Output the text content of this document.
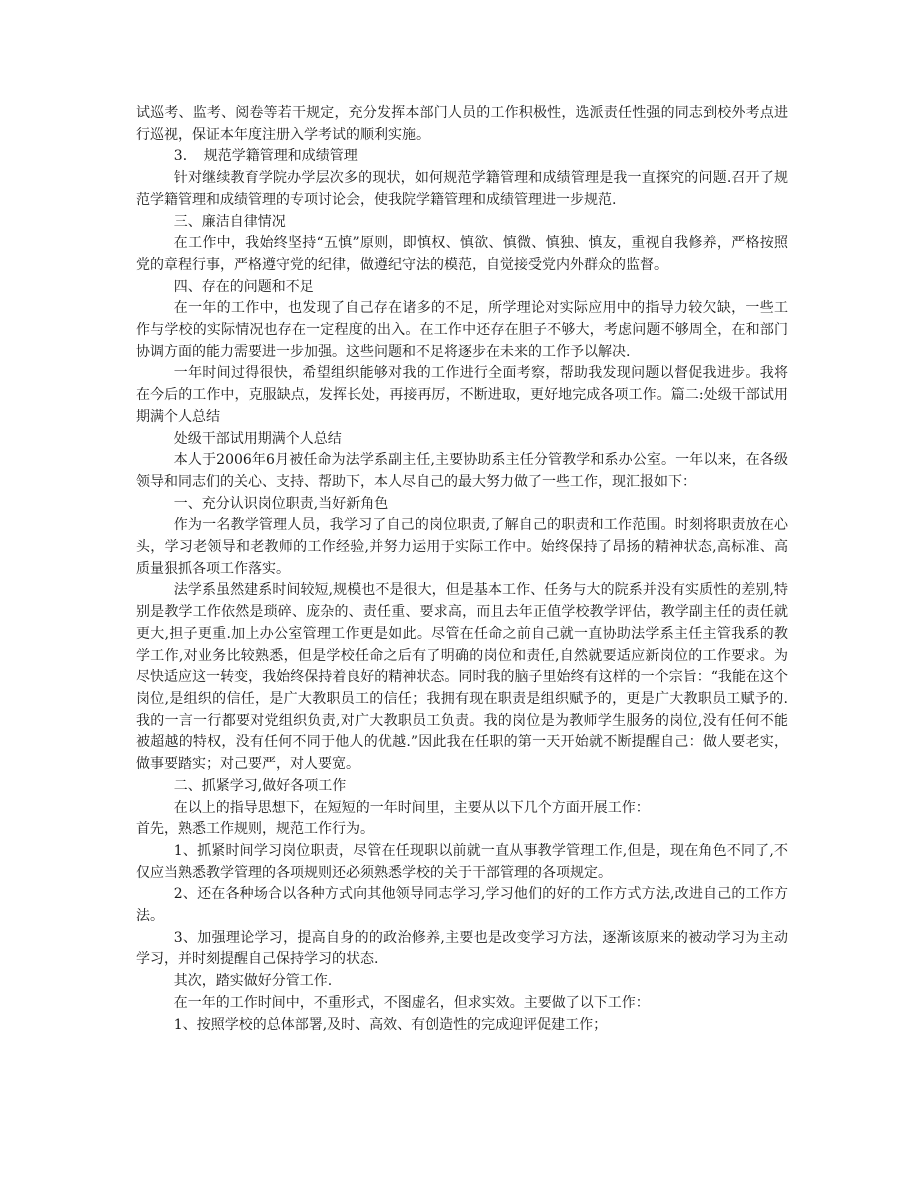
试巡考、监考、阅卷等若干规定，充分发挥本部门人员的工作积极性，选派责任性强的同志到校外考点进行巡视，保证本年度注册入学考试的顺利实施。

3．　规范学籍管理和成绩管理

针对继续教育学院办学层次多的现状，如何规范学籍管理和成绩管理是我一直探究的问题.召开了规范学籍管理和成绩管理的专项讨论会，使我院学籍管理和成绩管理进一步规范.

三、廉洁自律情况

在工作中，我始终坚持“五慎”原则，即慎权、慎欲、慎微、慎独、慎友，重视自我修养，严格按照党的章程行事，严格遵守党的纪律，做遵纪守法的模范，自觉接受党内外群众的监督。

四、存在的问题和不足

在一年的工作中，也发现了自己存在诸多的不足，所学理论对实际应用中的指导力较欠缺，一些工作与学校的实际情况也存在一定程度的出入。在工作中还存在胆子不够大，考虑问题不够周全，在和部门协调方面的能力需要进一步加强。这些问题和不足将逐步在未来的工作予以解决.

一年时间过得很快，希望组织能够对我的工作进行全面考察，帮助我发现问题以督促我进步。我将在今后的工作中，克服缺点，发挥长处，再接再厉，不断进取，更好地完成各项工作。篇二:处级干部试用期满个人总结

处级干部试用期满个人总结

本人于2006年6月被任命为法学系副主任,主要协助系主任分管教学和系办公室。一年以来，在各级领导和同志们的关心、支持、帮助下，本人尽自己的最大努力做了一些工作，现汇报如下：

一、充分认识岗位职责,当好新角色

作为一名教学管理人员，我学习了自己的岗位职责,了解自己的职责和工作范围。时刻将职责放在心头，学习老领导和老教师的工作经验,并努力运用于实际工作中。始终保持了昂扬的精神状态,高标准、高质量狠抓各项工作落实。

法学系虽然建系时间较短,规模也不是很大，但是基本工作、任务与大的院系并没有实质性的差别,特别是教学工作依然是琐碎、庞杂的、责任重、要求高，而且去年正值学校教学评估，教学副主任的责任就更大,担子更重.加上办公室管理工作更是如此。尽管在任命之前自己就一直协助法学系主任主管我系的教学工作,对业务比较熟悉，但是学校任命之后有了明确的岗位和责任,自然就要适应新岗位的工作要求。为尽快适应这一转变，我始终保持着良好的精神状态。同时我的脑子里始终有这样的一个宗旨：“我能在这个岗位,是组织的信任，是广大教职员工的信任；我拥有现在职责是组织赋予的，更是广大教职员工赋予的.我的一言一行都要对党组织负责,对广大教职员工负责。我的岗位是为教师学生服务的岗位,没有任何不能被超越的特权，没有任何不同于他人的优越.”因此我在任职的第一天开始就不断提醒自己：做人要老实，做事要踏实；对己要严，对人要宽。

二、抓紧学习,做好各项工作

在以上的指导思想下，在短短的一年时间里，主要从以下几个方面开展工作：

首先，熟悉工作规则，规范工作行为。

1、抓紧时间学习岗位职责，尽管在任现职以前就一直从事教学管理工作,但是，现在角色不同了,不仅应当熟悉教学管理的各项规则还必须熟悉学校的关于干部管理的各项规定。

2、还在各种场合以各种方式向其他领导同志学习,学习他们的好的工作方式方法,改进自己的工作方法。

3、加强理论学习，提高自身的的政治修养,主要也是改变学习方法，逐渐该原来的被动学习为主动学习，并时刻提醒自己保持学习的状态.

其次，踏实做好分管工作.

在一年的工作时间中，不重形式，不图虚名，但求实效。主要做了以下工作：

1、按照学校的总体部署,及时、高效、有创造性的完成迎评促建工作；
